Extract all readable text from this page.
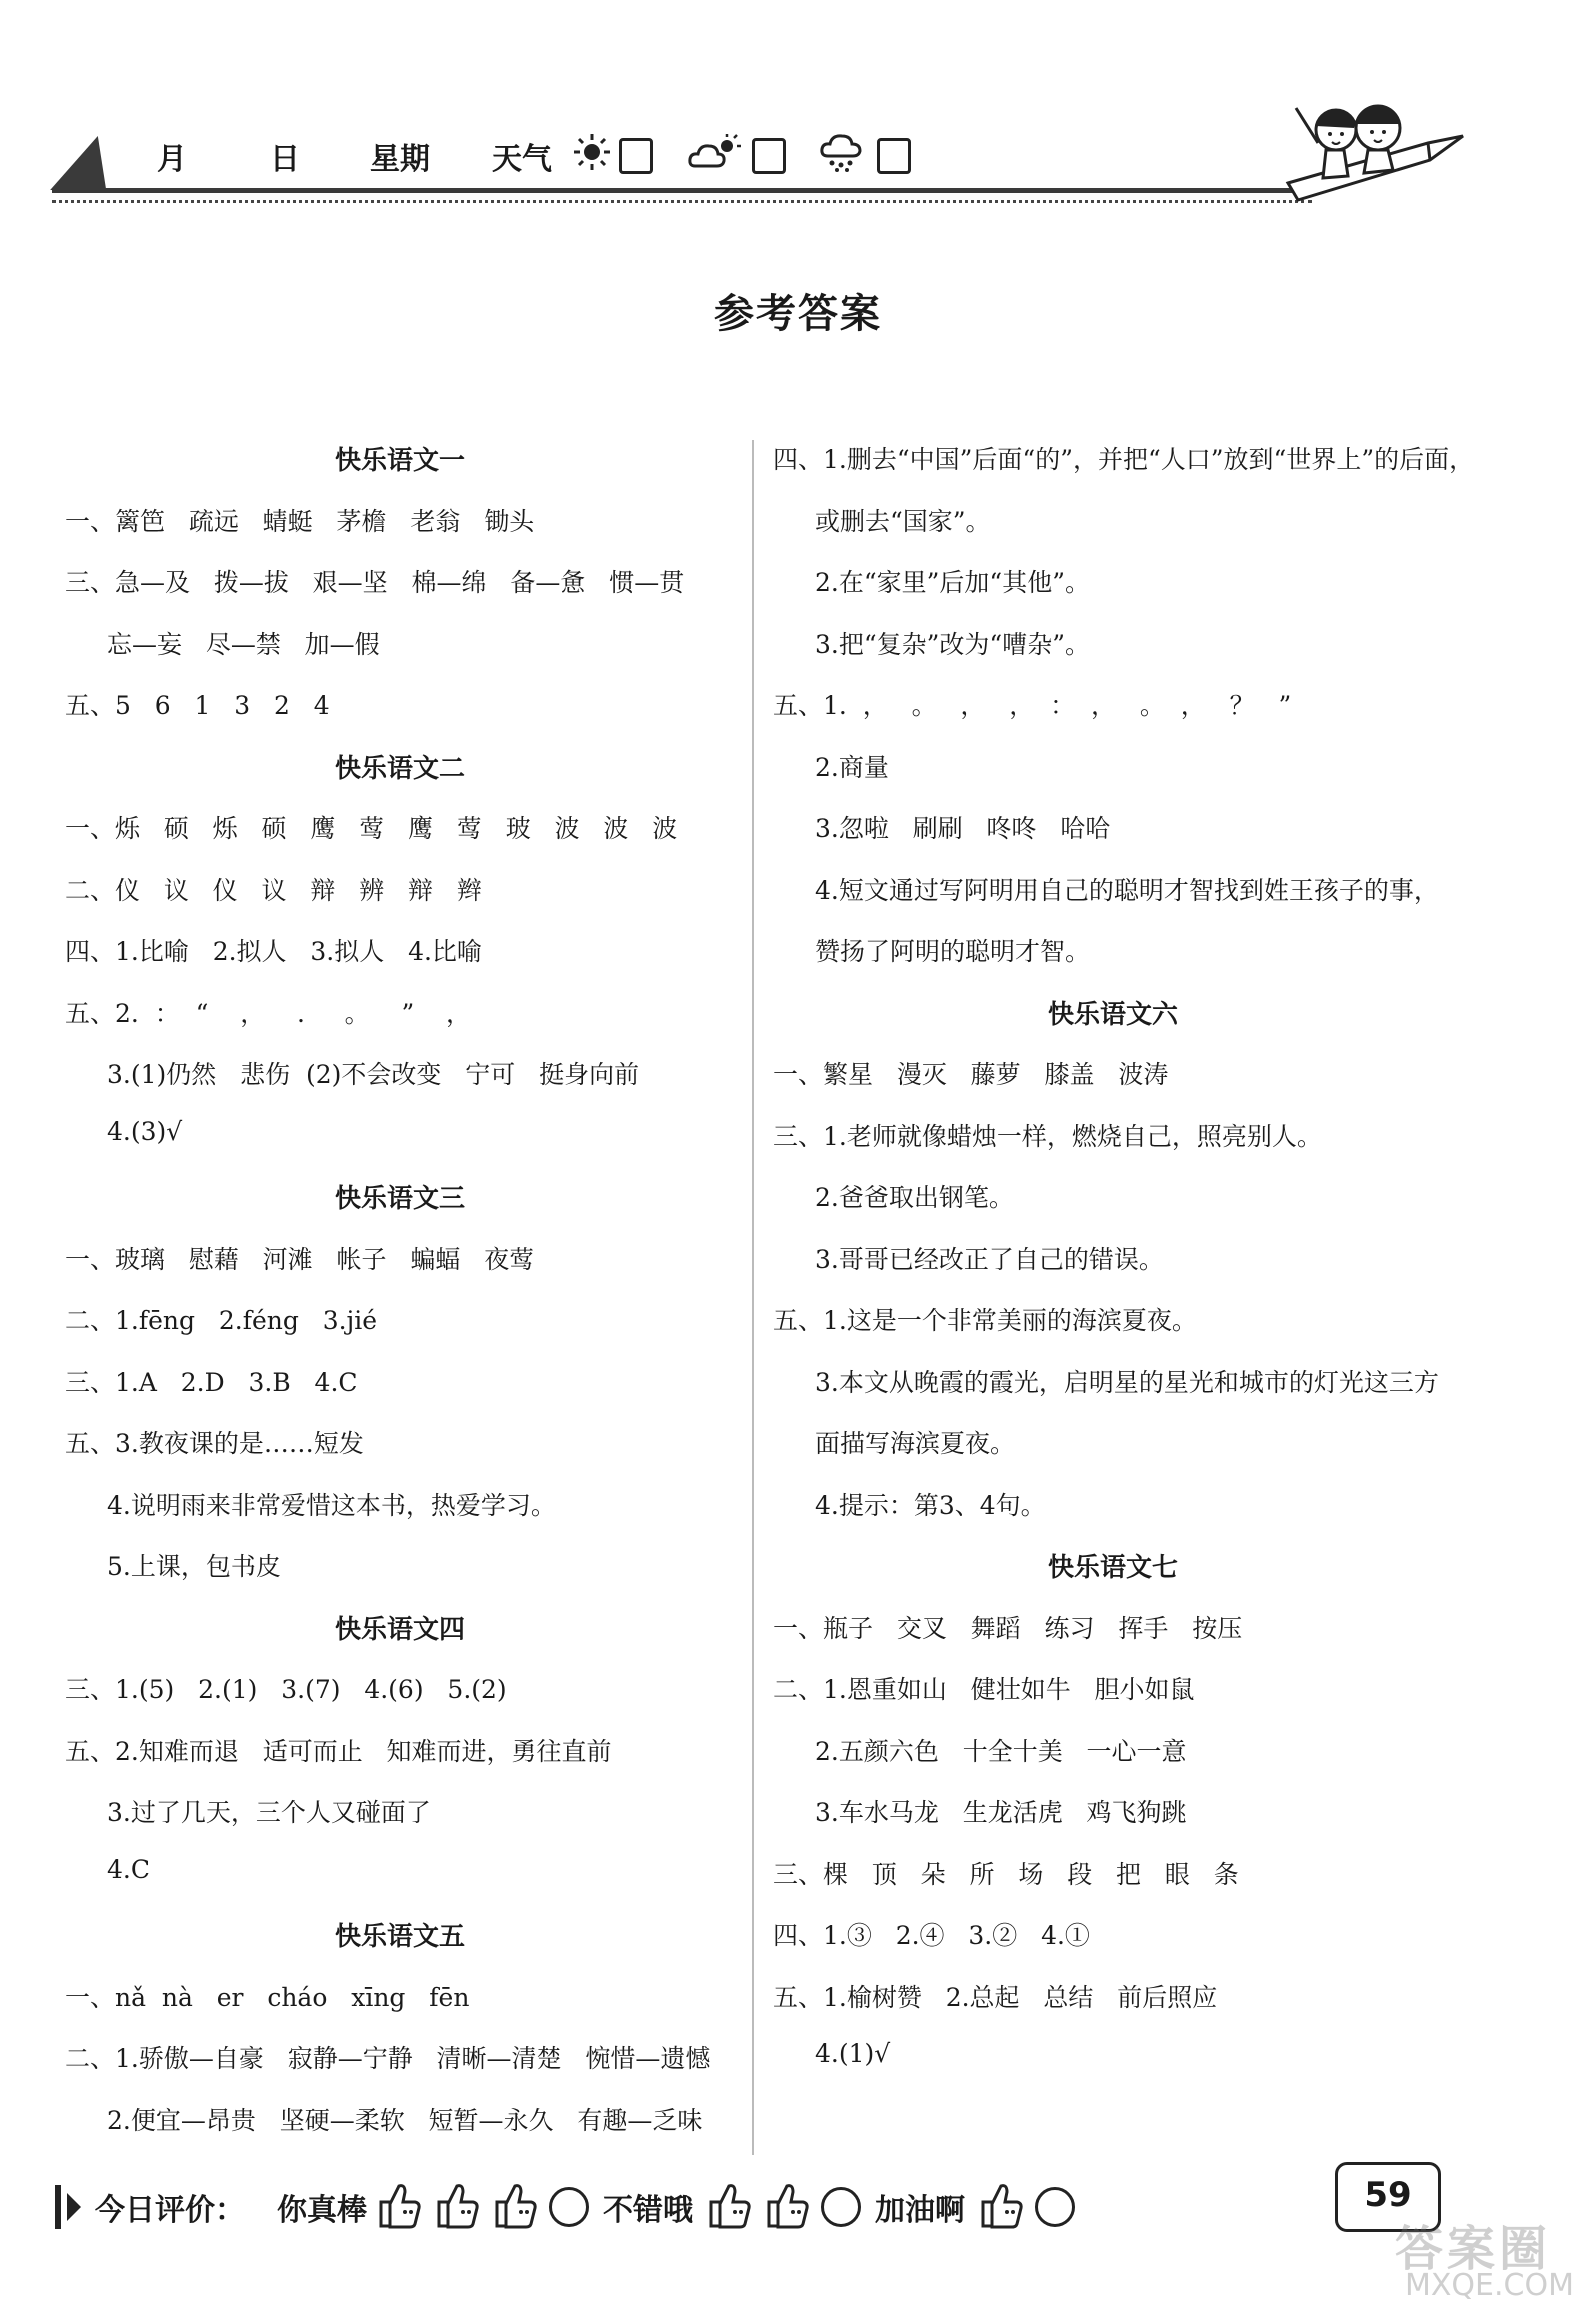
月	日 星期 天气
参考答案
快乐语文一
一、篱笆   疏远   蜻蜓   茅檐   老翁   锄头
三、急—及   拨—拔   艰—坚   棉—绵   备—惫   惯—贯
忘—妄   尽—禁   加—假
五、5   6   1   3   2   4
快乐语文二
一、烁   硕   烁   硕   鹰   莺   鹰   莺   玻   波   波   波
二、仪   议   仪   议   辩   辨   辩   辫
四、1.比喻   2.拟人   3.拟人   4.比喻
五、2.  ：  “    ，    .     。    ”    ，
3.(1)仍然   悲伤  (2)不会改变   宁可   挺身向前
4.(3)√
快乐语文三
一、玻璃   慰藉   河滩   帐子   蝙蝠   夜莺
二、1.fēng   2.féng   3.jié
三、1.A   2.D   3.B   4.C
五、3.教夜课的是……短发
4.说明雨来非常爱惜这本书，热爱学习。
5.上课，包书皮
快乐语文四
三、1.(5)   2.(1)   3.(7)   4.(6)   5.(2)
五、2.知难而退   适可而止   知难而进，勇往直前
3.过了几天，三个人又碰面了
4.C
快乐语文五
一、nǎ  nà   er   cháo   xīng   fēn
二、1.骄傲—自豪   寂静—宁静   清晰—清楚   惋惜—遗憾
2.便宜—昂贵   坚硬—柔软   短暂—永久   有趣—乏味
四、1.删去“中国”后面“的”，并把“人口”放到“世界上”的后面，
或删去“国家”。
2.在“家里”后加“其他”。
3.把“复杂”改为“嘈杂”。
五、1.  ，   。   ，   ，  ：  ，   。  ，   ？   ”
2.商量
3.忽啦   刷刷   咚咚   哈哈
4.短文通过写阿明用自己的聪明才智找到姓王孩子的事，
赞扬了阿明的聪明才智。
快乐语文六
一、繁星   漫灭   藤萝   膝盖   波涛
三、1.老师就像蜡烛一样，燃烧自己，照亮别人。
2.爸爸取出钢笔。
3.哥哥已经改正了自己的错误。
五、1.这是一个非常美丽的海滨夏夜。
3.本文从晚霞的霞光，启明星的星光和城市的灯光这三方
面描写海滨夏夜。
4.提示：第3、4句。
快乐语文七
一、瓶子   交叉   舞蹈   练习   挥手   按压
二、1.恩重如山   健壮如牛   胆小如鼠
2.五颜六色   十全十美   一心一意
3.车水马龙   生龙活虎   鸡飞狗跳
三、棵   顶   朵   所   场   段   把   眼   条
四、1.③   2.④   3.②   4.①
五、1.榆树赞   2.总起   总结   前后照应
4.(1)√
今日评价： 你真棒	不错哦	加油啊	59
答案圈
MXQE.COM
